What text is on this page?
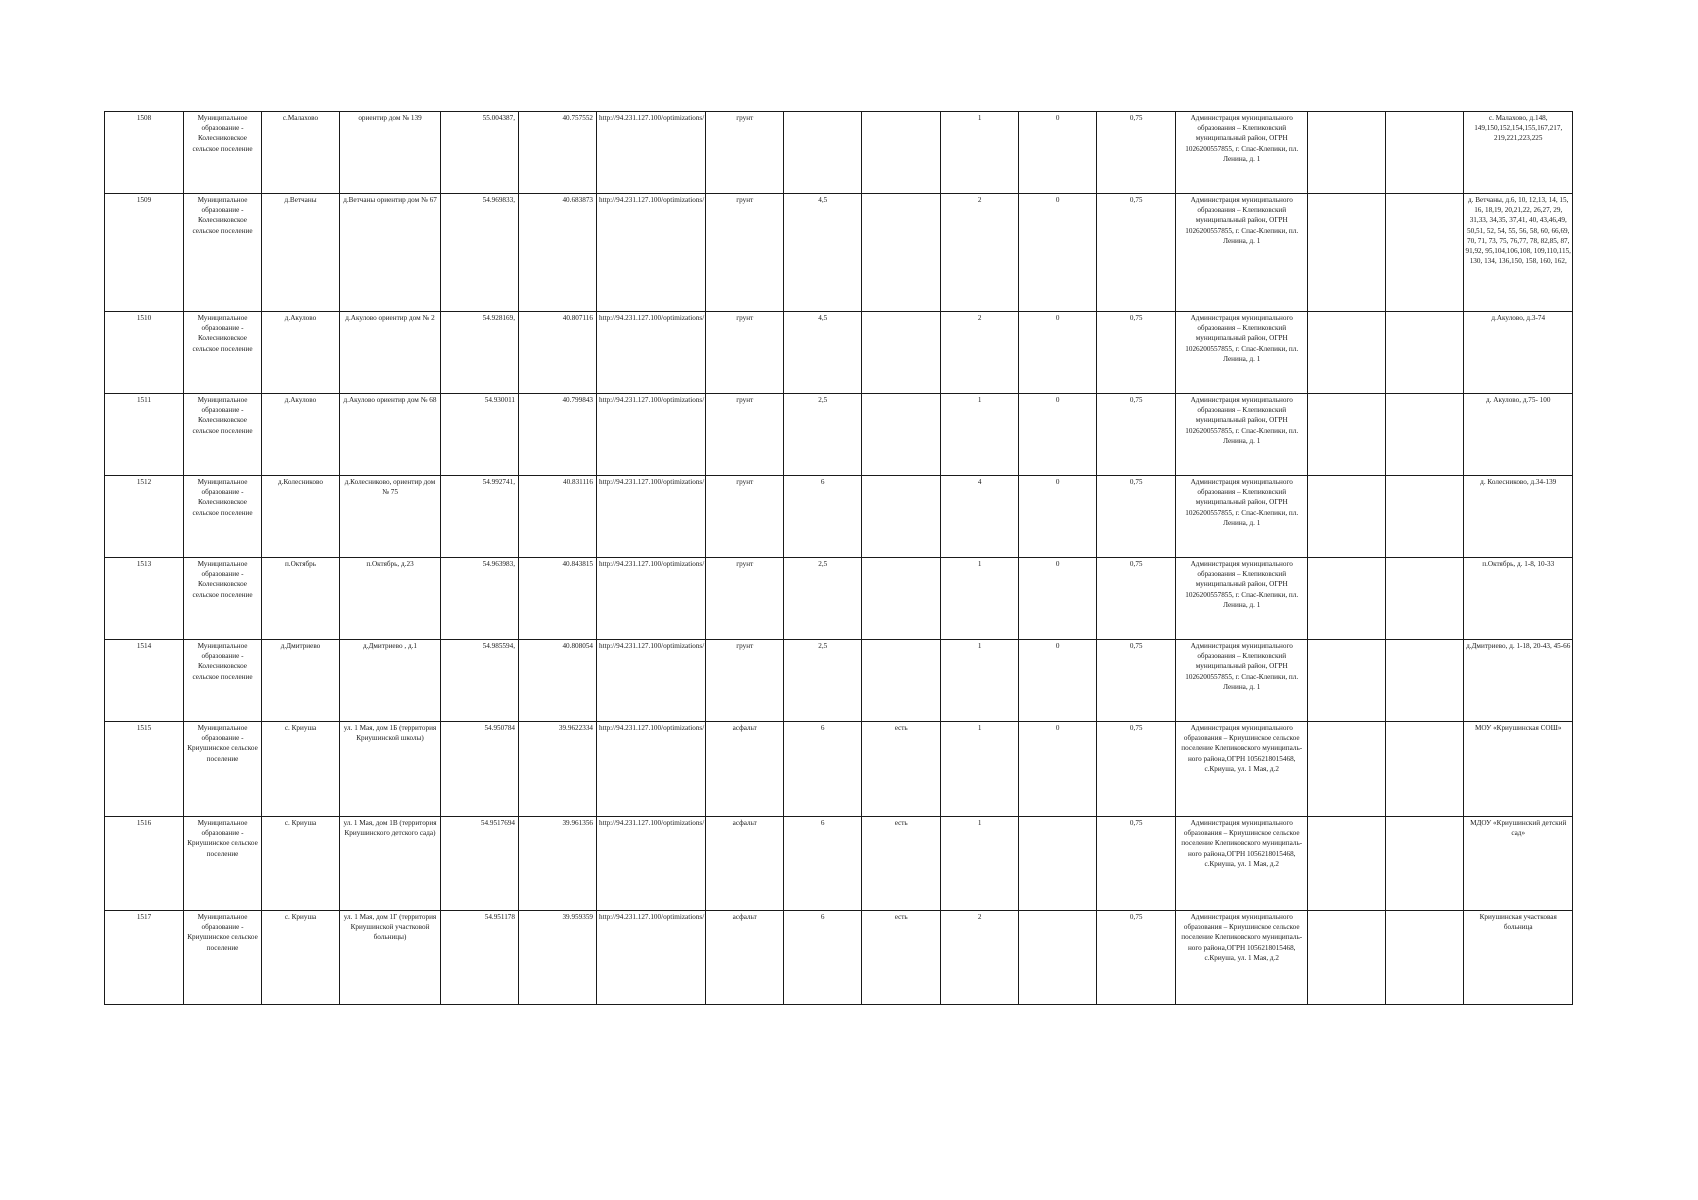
1508	Муниципальное образование - Колесниковское сельское поселение	с.Малахово	ориентир дом № 139	55.004387,	40.757552	http://94.231.127.100/optimizations/	грунт			1	0	0,75	Администрация муниципального образования – Клепиковский муниципальный район, ОГРН 1026200557855, г. Спас-Клепики, пл. Ленина, д. 1			с. Малахово, д.148, 149,150,152,154,155,167,217, 219,221,223,225
1509	Муниципальное образование - Колесниковское сельское поселение	д.Ветчаны	д.Ветчаны ориентир дом № 67	54.969833,	40.683873	http://94.231.127.100/optimizations/	грунт	4,5		2	0	0,75	Администрация муниципального образования – Клепиковский муниципальный район, ОГРН 1026200557855, г. Спас-Клепики, пл. Ленина, д. 1			д. Ветчаны, д.6, 10, 12,13, 14, 15, 16, 18,19, 20,21,22, 26,27, 29, 31,33, 34,35, 37,41, 40, 43,46,49, 50,51, 52, 54, 55, 56, 58, 60, 66,69, 70, 71, 73, 75, 76,77, 78, 82,85, 87, 91,92, 95,104,106,108, 109,110,115, 130, 134, 136,150, 158, 160, 162,
1510	Муниципальное образование - Колесниковское сельское поселение	д.Акулово	д.Акулово ориентир дом № 2	54.928169,	40.807116	http://94.231.127.100/optimizations/	грунт	4,5		2	0	0,75	Администрация муниципального образования – Клепиковский муниципальный район, ОГРН 1026200557855, г. Спас-Клепики, пл. Ленина, д. 1			д.Акулово, д.3-74
1511	Муниципальное образование - Колесниковское сельское поселение	д.Акулово	д.Акулово ориентир дом № 68	54.930011	40.799843	http://94.231.127.100/optimizations/	грунт	2,5		1	0	0,75	Администрация муниципального образования – Клепиковский муниципальный район, ОГРН 1026200557855, г. Спас-Клепики, пл. Ленина, д. 1			д. Акулово, д.75- 100
1512	Муниципальное образование - Колесниковское сельское поселение	д.Колесниково	д.Колесниково, ориентир дом № 75	54.992741,	40.831116	http://94.231.127.100/optimizations/	грунт	6		4	0	0,75	Администрация муниципального образования – Клепиковский муниципальный район, ОГРН 1026200557855, г. Спас-Клепики, пл. Ленина, д. 1			д. Колесниково, д.34-139
1513	Муниципальное образование - Колесниковское сельское поселение	п.Октябрь	п.Октябрь, д.23	54.963983,	40.843815	http://94.231.127.100/optimizations/	грунт	2,5		1	0	0,75	Администрация муниципального образования – Клепиковский муниципальный район, ОГРН 1026200557855, г. Спас-Клепики, пл. Ленина, д. 1			п.Октябрь, д. 1-8, 10-33
1514	Муниципальное образование - Колесниковское сельское поселение	д.Дмитриево	д.Дмитриево , д.1	54.985594,	40.808054	http://94.231.127.100/optimizations/	грунт	2,5		1	0	0,75	Администрация муниципального образования – Клепиковский муниципальный район, ОГРН 1026200557855, г. Спас-Клепики, пл. Ленина, д. 1			д.Дмитриево, д. 1-18, 20-43, 45-66
1515	Муниципальное образование - Криушинское сельское поселение	с. Криуша	ул. 1 Мая, дом 1Б (территория Криушинской школы)	54.950784	39.9622334	http://94.231.127.100/optimizations/	асфальт	6	есть	1	0	0,75	Администрация муниципального образования – Криушинское сельское поселение Клепиковского муниципаль- ного района,ОГРН 1056218015468, с.Криуша, ул. 1 Мая, д.2			МОУ «Криушинская СОШ»
1516	Муниципальное образование - Криушинское сельское поселение	с. Криуша	ул. 1 Мая, дом 1В (территория Криушинского детского сада)	54.9517694	39.961356	http://94.231.127.100/optimizations/	асфальт	6	есть	1		0,75	Администрация муниципального образования – Криушинское сельское поселение Клепиковского муниципаль- ного района,ОГРН 1056218015468, с.Криуша, ул. 1 Мая, д.2			МДОУ «Криушинский детский сад»
1517	Муниципальное образование - Криушинское сельское поселение	с. Криуша	ул. 1 Мая, дом 1Г (территория Криушинской участковой больницы)	54.951178	39.959359	http://94.231.127.100/optimizations/	асфальт	6	есть	2		0,75	Администрация муниципального образования – Криушинское сельское поселение Клепиковского муниципаль- ного района,ОГРН 1056218015468, с.Криуша, ул. 1 Мая, д.2			Криушинская участковая больница
